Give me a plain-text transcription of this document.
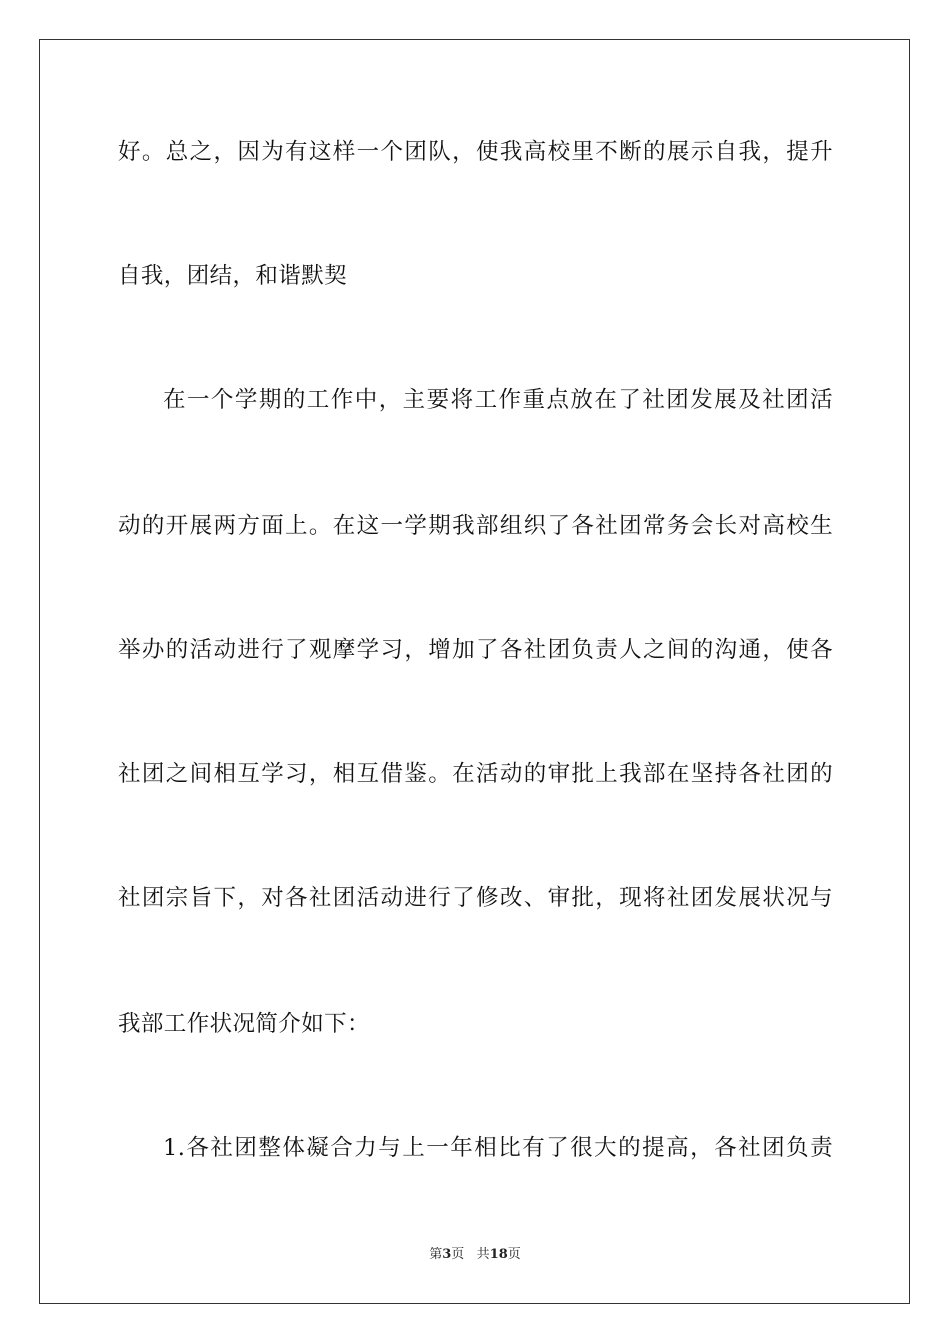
好。总之，因为有这样一个团队，使我高校里不断的展示自我，提升
自我，团结，和谐默契
在一个学期的工作中，主要将工作重点放在了社团发展及社团活
动的开展两方面上。在这一学期我部组织了各社团常务会长对高校生
举办的活动进行了观摩学习，增加了各社团负责人之间的沟通，使各
社团之间相互学习，相互借鉴。在活动的审批上我部在坚持各社团的
社团宗旨下，对各社团活动进行了修改、审批，现将社团发展状况与
我部工作状况简介如下：
1.各社团整体凝合力与上一年相比有了很大的提高，各社团负责
第3页 共18页
